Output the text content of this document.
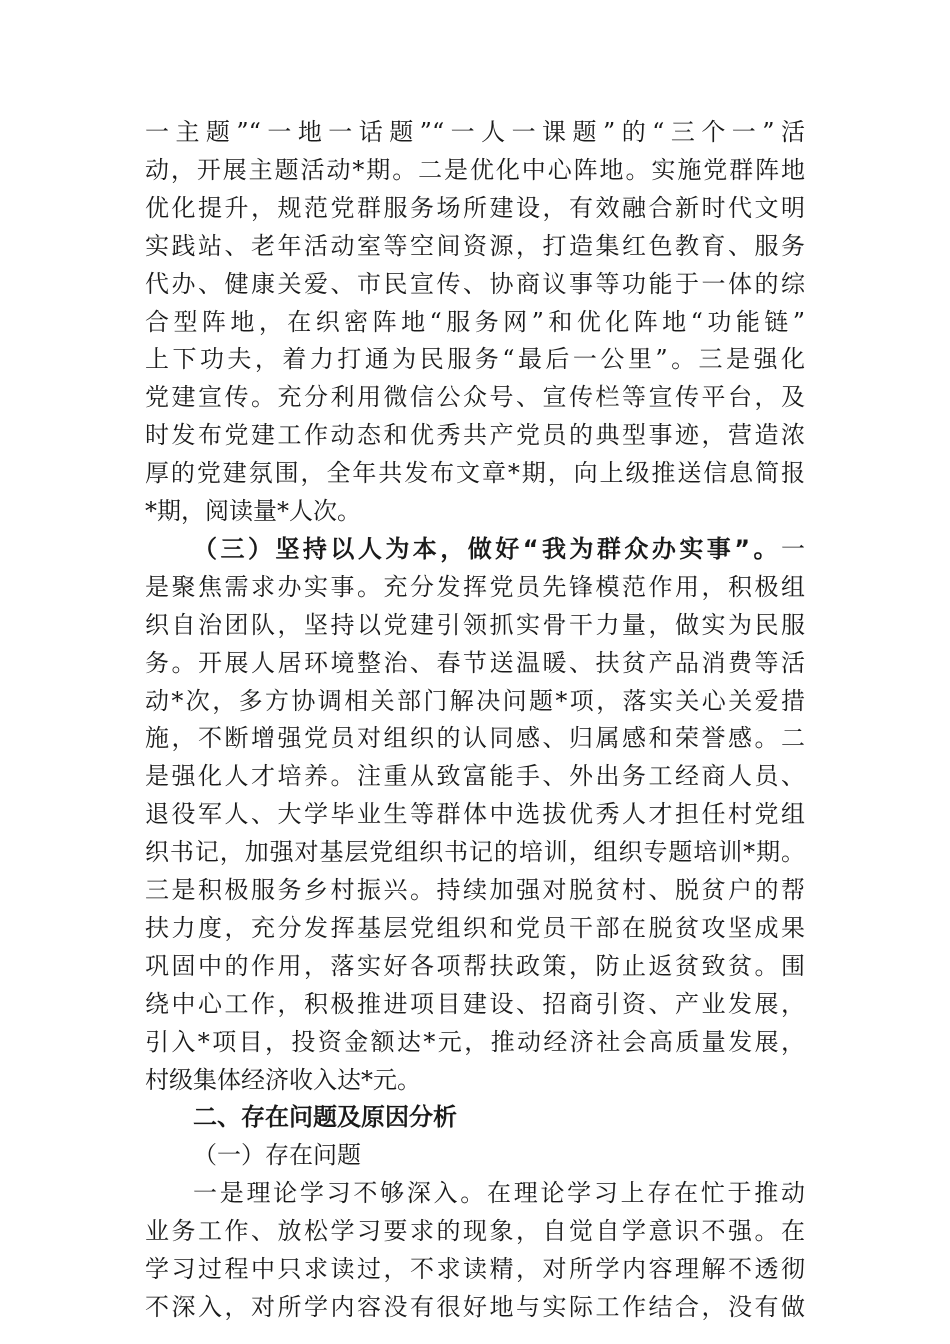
一主题”“一地一话题”“一人一课题”的“三个一”活
动，开展主题活动*期。二是优化中心阵地。实施党群阵地
优化提升，规范党群服务场所建设，有效融合新时代文明
实践站、老年活动室等空间资源，打造集红色教育、服务
代办、健康关爱、市民宣传、协商议事等功能于一体的综
合型阵地，在织密阵地“服务网”和优化阵地“功能链”
上下功夫，着力打通为民服务“最后一公里”。三是强化
党建宣传。充分利用微信公众号、宣传栏等宣传平台，及
时发布党建工作动态和优秀共产党员的典型事迹，营造浓
厚的党建氛围，全年共发布文章*期，向上级推送信息简报
*期，阅读量*人次。
（三）坚持以人为本，做好“我为群众办实事”。一
是聚焦需求办实事。充分发挥党员先锋模范作用，积极组
织自治团队，坚持以党建引领抓实骨干力量，做实为民服
务。开展人居环境整治、春节送温暖、扶贫产品消费等活
动*次，多方协调相关部门解决问题*项，落实关心关爱措
施，不断增强党员对组织的认同感、归属感和荣誉感。二
是强化人才培养。注重从致富能手、外出务工经商人员、
退役军人、大学毕业生等群体中选拔优秀人才担任村党组
织书记，加强对基层党组织书记的培训，组织专题培训*期。
三是积极服务乡村振兴。持续加强对脱贫村、脱贫户的帮
扶力度，充分发挥基层党组织和党员干部在脱贫攻坚成果
巩固中的作用，落实好各项帮扶政策，防止返贫致贫。围
绕中心工作，积极推进项目建设、招商引资、产业发展，
引入*项目，投资金额达*元，推动经济社会高质量发展，
村级集体经济收入达*元。
二、存在问题及原因分析
（一）存在问题
一是理论学习不够深入。在理论学习上存在忙于推动
业务工作、放松学习要求的现象，自觉自学意识不强。在
学习过程中只求读过，不求读精，对所学内容理解不透彻
不深入，对所学内容没有很好地与实际工作结合，没有做
